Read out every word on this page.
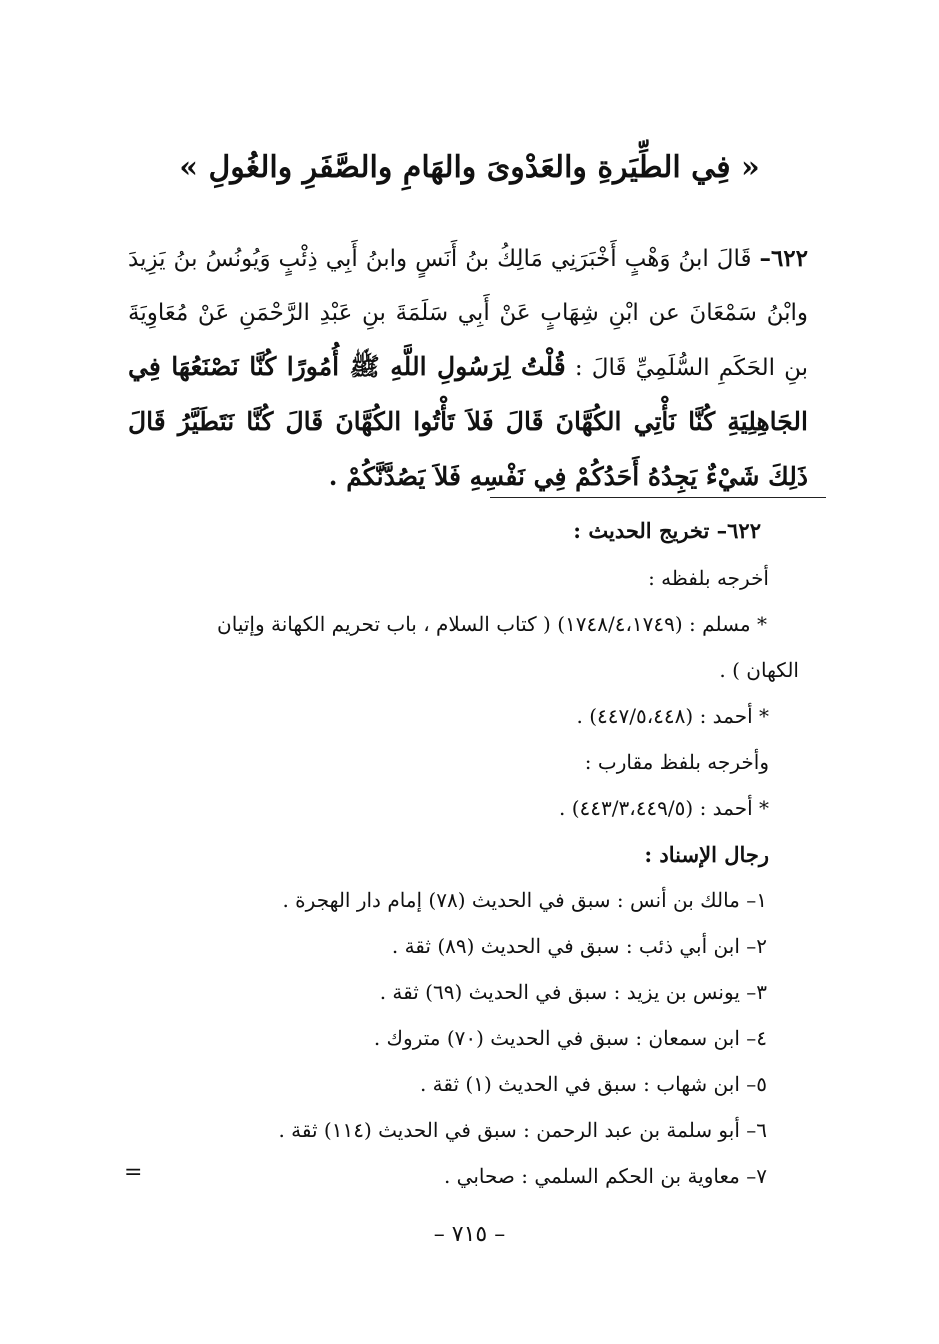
« فِي الطِّيَرةِ والعَدْوىَ والهَامِ والصَّفَرِ والغُولِ »
٦٢٢– قَالَ ابنُ وَهْبٍ أَخْبَرَنِي مَالِكُ بنُ أَنَسٍ وابنُ أَبِي ذِئْبٍ وَيُونُسُ بنُ يَزِيدَ وابْنُ سَمْعَانَ عن ابْنِ شِهَابٍ عَنْ أَبِي سَلَمَةَ بنِ عَبْدِ الرَّحْمَنِ عَنْ مُعَاوِيَةَ بنِ الحَكَمِ السُّلَمِيِّ قَالَ : قُلْتُ لِرَسُولِ اللَّهِ ﷺ أُمُورًا كُنَّا نَصْنَعُهَا فِي الجَاهِلِيَةِ كُنَّا نَأْتِي الكُهَّانَ قَالَ فَلاَ تَأْتُوا الكُهَّانَ قَالَ كُنَّا نَتَطَيَّرُ قَالَ ذَلِكَ شَيْءٌ يَجِدُهُ أَحَدُكُمْ فِي نَفْسِهِ فَلاَ يَصُدَّنَّكُمْ .
٦٢٢– تخريج الحديث :
أخرجه بلفظه :
* مسلم : (١٧٤٨/٤،١٧٤٩) ( كتاب السلام ، باب تحريم الكهانة وإتيان
الكهان ) .
* أحمد : (٤٤٧/٥،٤٤٨) .
وأخرجه بلفظ مقارب :
* أحمد : (٤٤٣/٣،٤٤٩/٥) .
رجال الإسناد :
١– مالك بن أنس : سبق في الحديث (٧٨) إمام دار الهجرة .
٢– ابن أبي ذئب : سبق في الحديث (٨٩) ثقة .
٣– يونس بن يزيد : سبق في الحديث (٦٩) ثقة .
٤– ابن سمعان : سبق في الحديث (٧٠) متروك .
٥– ابن شهاب : سبق في الحديث (١) ثقة .
٦– أبو سلمة بن عبد الرحمن : سبق في الحديث (١١٤) ثقة .
٧– معاوية بن الحكم السلمي : صحابي .
=
– ٧١٥ –
